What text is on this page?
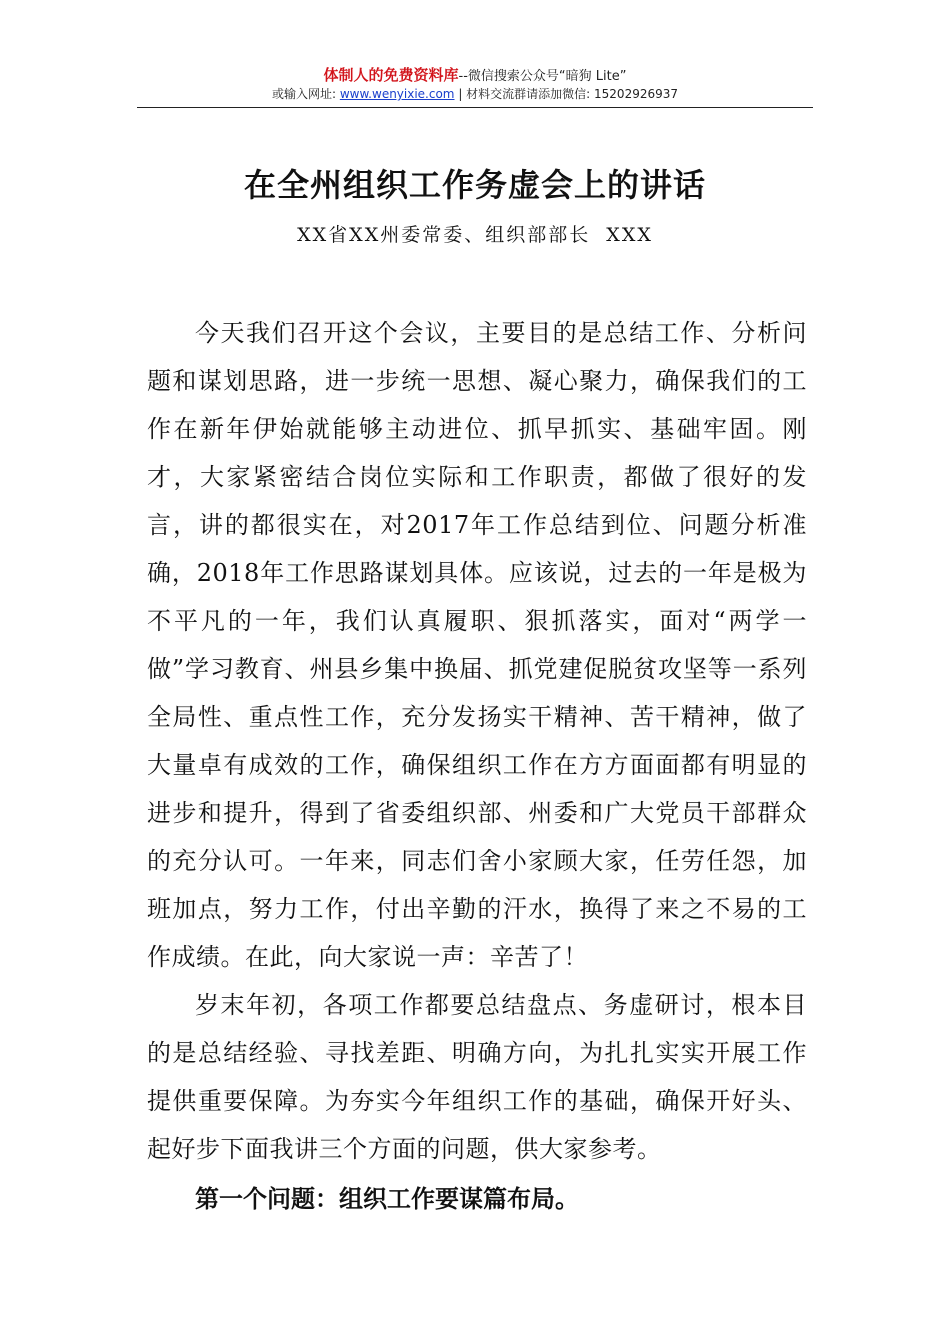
体制人的免费资料库--微信搜索公众号“暗狗 Lite”
或输入网址: www.wenyixie.com | 材料交流群请添加微信: 15202926937
在全州组织工作务虚会上的讲话
XX省XX州委常委、组织部部长  XXX

今天我们召开这个会议，主要目的是总结工作、分析问题和谋划思路，进一步统一思想、凝心聚力，确保我们的工作在新年伊始就能够主动进位、抓早抓实、基础牢固。刚才，大家紧密结合岗位实际和工作职责，都做了很好的发言，讲的都很实在，对2017年工作总结到位、问题分析准确，2018年工作思路谋划具体。应该说，过去的一年是极为不平凡的一年，我们认真履职、狠抓落实，面对“两学一做”学习教育、州县乡集中换届、抓党建促脱贫攻坚等一系列全局性、重点性工作，充分发扬实干精神、苦干精神，做了大量卓有成效的工作，确保组织工作在方方面面都有明显的进步和提升，得到了省委组织部、州委和广大党员干部群众的充分认可。一年来，同志们舍小家顾大家，任劳任怨，加班加点，努力工作，付出辛勤的汗水，换得了来之不易的工作成绩。在此，向大家说一声：辛苦了！

岁末年初，各项工作都要总结盘点、务虚研讨，根本目的是总结经验、寻找差距、明确方向，为扎扎实实开展工作提供重要保障。为夯实今年组织工作的基础，确保开好头、起好步下面我讲三个方面的问题，供大家参考。

第一个问题：组织工作要谋篇布局。
